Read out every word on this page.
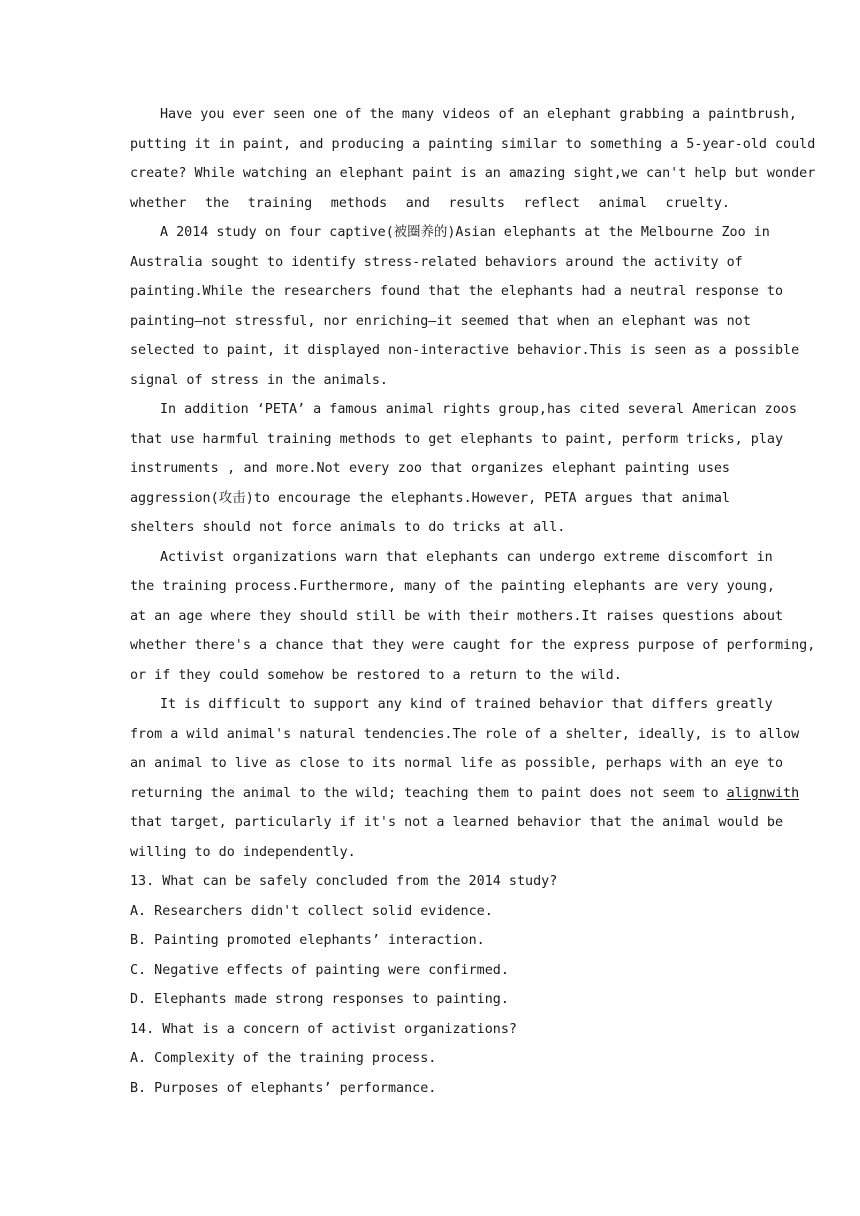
Have you ever seen one of the many videos of an elephant grabbing a paintbrush,
putting it in paint, and producing a painting similar to something a 5-year-old could
create? While watching an elephant paint is an amazing sight,we can't help but wonder
whether the training methods and results reflect animal cruelty.
A 2014 study on four captive(被圈养的)Asian elephants at the Melbourne Zoo in
Australia sought to identify stress-related behaviors around the activity of
painting.While the researchers found that the elephants had a neutral response to
painting—not stressful, nor enriching—it seemed that when an elephant was not
selected to paint, it displayed non-interactive behavior.This is seen as a possible
signal of stress in the animals.
In addition ‘PETA’ a famous animal rights group,has cited several American zoos
that use harmful training methods to get elephants to paint, perform tricks, play
instruments , and more.Not every zoo that organizes elephant painting uses
aggression(攻击)to encourage the elephants.However, PETA argues that animal
shelters should not force animals to do tricks at all.
Activist organizations warn that elephants can undergo extreme discomfort in
the training process.Furthermore, many of the painting elephants are very young,
at an age where they should still be with their mothers.It raises questions about
whether there's a chance that they were caught for the express purpose of performing,
or if they could somehow be restored to a return to the wild.
It is difficult to support any kind of trained behavior that differs greatly
from a wild animal's natural tendencies.The role of a shelter, ideally, is to allow
an animal to live as close to its normal life as possible, perhaps with an eye to
returning the animal to the wild; teaching them to paint does not seem to alignwith
that target, particularly if it's not a learned behavior that the animal would be
willing to do independently.
13. What can be safely concluded from the 2014 study?
A. Researchers didn't collect solid evidence.
B. Painting promoted elephants’ interaction.
C. Negative effects of painting were confirmed.
D. Elephants made strong responses to painting.
14. What is a concern of activist organizations?
A. Complexity of the training process.
B. Purposes of elephants’ performance.
